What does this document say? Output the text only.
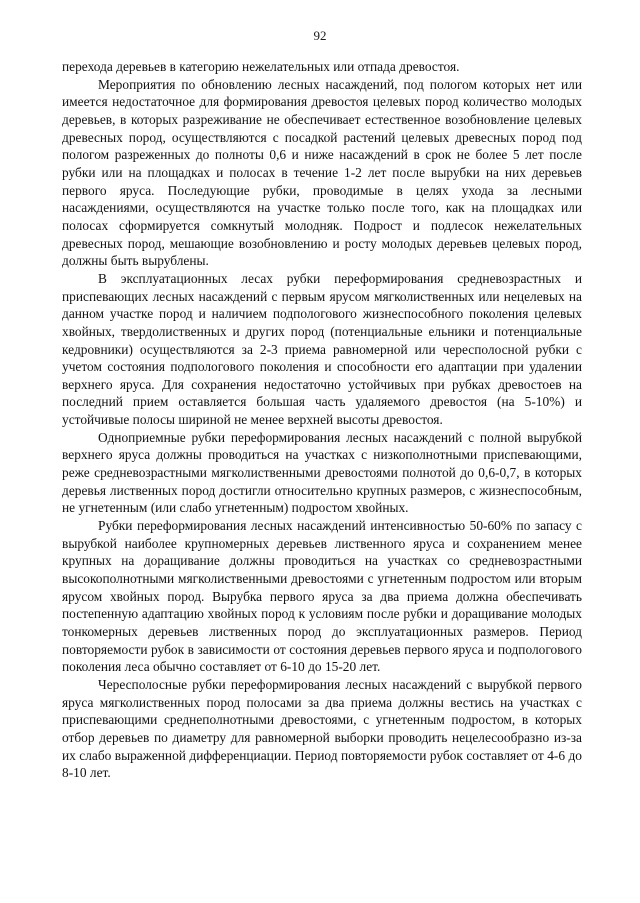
92

перехода деревьев в категорию нежелательных или отпада древостоя.

Мероприятия по обновлению лесных насаждений, под пологом которых нет или имеется недостаточное для формирования древостоя целевых пород количество молодых деревьев, в которых разреживание не обеспечивает естественное возобновление целевых древесных пород, осуществляются с посадкой растений целевых древесных пород под пологом разреженных до полноты 0,6 и ниже насаждений в срок не более 5 лет после рубки или на площадках и полосах в течение 1-2 лет после вырубки на них деревьев первого яруса. Последующие рубки, проводимые в целях ухода за лесными насаждениями, осуществляются на участке только после того, как на площадках или полосах сформируется сомкнутый молодняк. Подрост и подлесок нежелательных древесных пород, мешающие возобновлению и росту молодых деревьев целевых пород, должны быть вырублены.

В эксплуатационных лесах рубки переформирования средневозрастных и приспевающих лесных насаждений с первым ярусом мягколиственных или нецелевых на данном участке пород и наличием подпологового жизнеспособного поколения целевых хвойных, твердолиственных и других пород (потенциальные ельники и потенциальные кедровники) осуществляются за 2-3 приема равномерной или чересполосной рубки с учетом состояния подпологового поколения и способности его адаптации при удалении верхнего яруса. Для сохранения недостаточно устойчивых при рубках древостоев на последний прием оставляется большая часть удаляемого древостоя (на 5-10%) и устойчивые полосы шириной не менее верхней высоты древостоя.

Одноприемные рубки переформирования лесных насаждений с полной вырубкой верхнего яруса должны проводиться на участках с низкополнотными приспевающими, реже средневозрастными мягколиственными древостоями полнотой до 0,6-0,7, в которых деревья лиственных пород достигли относительно крупных размеров, с жизнеспособным, не угнетенным (или слабо угнетенным) подростом хвойных.

Рубки переформирования лесных насаждений интенсивностью 50-60% по запасу с вырубкой наиболее крупномерных деревьев лиственного яруса и сохранением менее крупных на доращивание должны проводиться на участках со средневозрастными высокополнотными мягколиственными древостоями с угнетенным подростом или вторым ярусом хвойных пород. Вырубка первого яруса за два приема должна обеспечивать постепенную адаптацию хвойных пород к условиям после рубки и доращивание молодых тонкомерных деревьев лиственных пород до эксплуатационных размеров. Период повторяемости рубок в зависимости от состояния деревьев первого яруса и подпологового поколения леса обычно составляет от 6-10 до 15-20 лет.

Чересполосные рубки переформирования лесных насаждений с вырубкой первого яруса мягколиственных пород полосами за два приема должны вестись на участках с приспевающими среднеполнотными древостоями, с угнетенным подростом, в которых отбор деревьев по диаметру для равномерной выборки проводить нецелесообразно из-за их слабо выраженной дифференциации. Период повторяемости рубок составляет от 4-6 до 8-10 лет.
